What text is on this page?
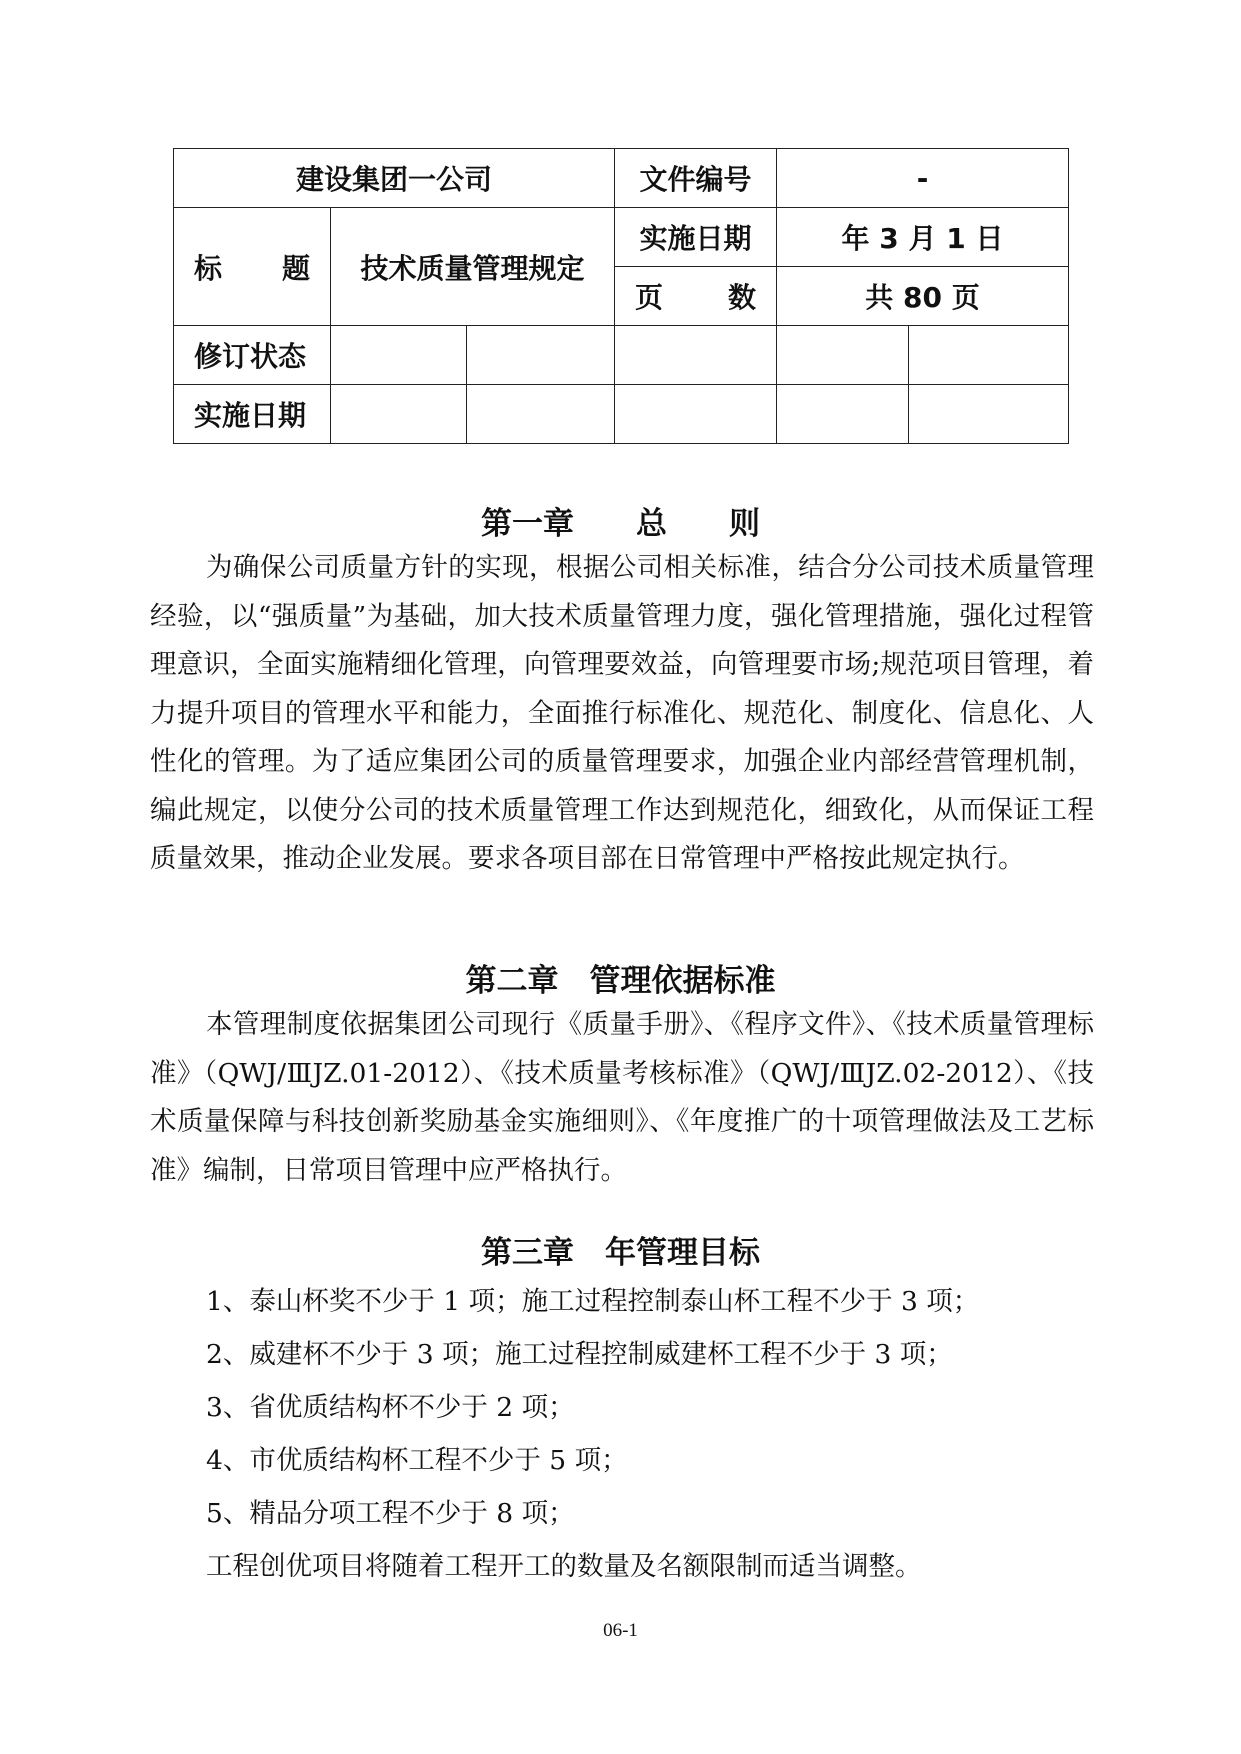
建设集团一公司			文件编号	-	

标 题	技术质量管理规定		实施日期	年 3 月 1 日	

			页 数	共 80 页	
修订状态					
实施日期					
第一章　　总　　则

为确保公司质量方针的实现，根据公司相关标准，结合分公司技术质量管理经验，以“强质量”为基础，加大技术质量管理力度，强化管理措施，强化过程管理意识，全面实施精细化管理，向管理要效益，向管理要市场;规范项目管理，着力提升项目的管理水平和能力，全面推行标准化、规范化、制度化、信息化、人性化的管理。为了适应集团公司的质量管理要求，加强企业内部经营管理机制，编此规定，以使分公司的技术质量管理工作达到规范化，细致化，从而保证工程质量效果，推动企业发展。要求各项目部在日常管理中严格按此规定执行。

第二章　管理依据标准

本管理制度依据集团公司现行《质量手册》、《程序文件》、《技术质量管理标准》（QWJ/ⅢJZ.01-2012）、《技术质量考核标准》（QWJ/ⅢJZ.02-2012）、《技术质量保障与科技创新奖励基金实施细则》、《年度推广的十项管理做法及工艺标准》编制，日常项目管理中应严格执行。

第三章　年管理目标
1、泰山杯奖不少于 1 项；施工过程控制泰山杯工程不少于 3 项；
2、威建杯不少于 3 项；施工过程控制威建杯工程不少于 3 项；
3、省优质结构杯不少于 2 项；
4、市优质结构杯工程不少于 5 项；
5、精品分项工程不少于 8 项；

工程创优项目将随着工程开工的数量及名额限制而适当调整。

06-1
